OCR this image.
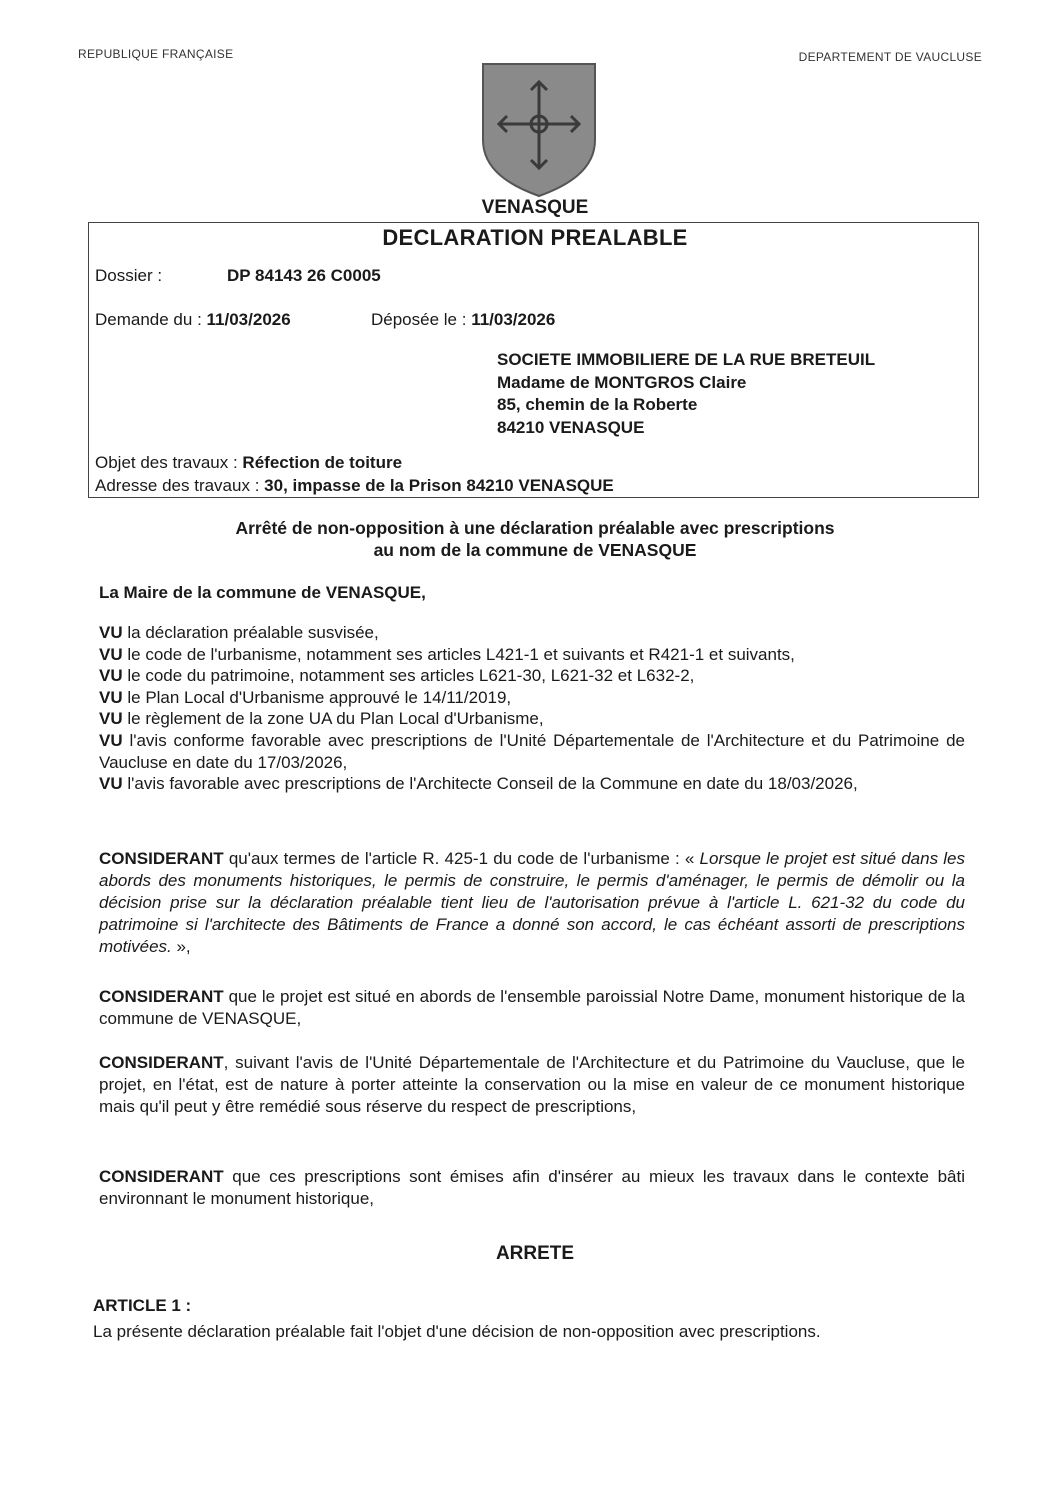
REPUBLIQUE FRANÇAISE	DEPARTEMENT DE VAUCLUSE
VENASQUE
DECLARATION PREALABLE
Dossier :	DP 84143 26 C0005
Demande du : 11/03/2026	Déposée le : 11/03/2026
SOCIETE IMMOBILIERE DE LA RUE BRETEUIL
Madame de MONTGROS Claire
85, chemin de la Roberte
84210 VENASQUE
Objet des travaux : Réfection de toiture
Adresse des travaux : 30, impasse de la Prison 84210 VENASQUE
Arrêté de non-opposition à une déclaration préalable avec prescriptions
au nom de la commune de VENASQUE
La Maire de la commune de VENASQUE,
VU la déclaration préalable susvisée,
VU le code de l'urbanisme, notamment ses articles L421-1 et suivants et R421-1 et suivants,
VU le code du patrimoine, notamment ses articles L621-30, L621-32 et L632-2,
VU le Plan Local d'Urbanisme approuvé le 14/11/2019,
VU le règlement de la zone UA du Plan Local d'Urbanisme,
VU l'avis conforme favorable avec prescriptions de l'Unité Départementale de l'Architecture et du Patrimoine de Vaucluse en date du 17/03/2026,
VU l'avis favorable avec prescriptions de l'Architecte Conseil de la Commune en date du 18/03/2026,
CONSIDERANT qu'aux termes de l'article R. 425-1 du code de l'urbanisme : « Lorsque le projet est situé dans les abords des monuments historiques, le permis de construire, le permis d'aménager, le permis de démolir ou la décision prise sur la déclaration préalable tient lieu de l'autorisation prévue à l'article L. 621-32 du code du patrimoine si l'architecte des Bâtiments de France a donné son accord, le cas échéant assorti de prescriptions motivées. »,
CONSIDERANT que le projet est situé en abords de l'ensemble paroissial Notre Dame, monument historique de la commune de VENASQUE,
CONSIDERANT, suivant l'avis de l'Unité Départementale de l'Architecture et du Patrimoine du Vaucluse, que le projet, en l'état, est de nature à porter atteinte la conservation ou la mise en valeur de ce monument historique mais qu'il peut y être remédié sous réserve du respect de prescriptions,
CONSIDERANT que ces prescriptions sont émises afin d'insérer au mieux les travaux dans le contexte bâti environnant le monument historique,
ARRETE
ARTICLE 1 :
La présente déclaration préalable fait l'objet d'une décision de non-opposition avec prescriptions.
